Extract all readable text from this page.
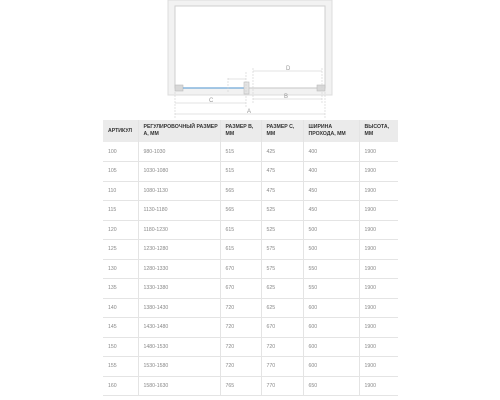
D
C
B
A
АРТИКУЛ	РЕГУЛИРОВОЧНЫЙ РАЗМЕР А, ММ	РАЗМЕР В, ММ	РАЗМЕР С, ММ	ШИРИНА ПРОХОДА, ММ	ВЫСОТА, ММ
100	980-1030	515	425	400	1900
105	1030-1080	515	475	400	1900
110	1080-1130	565	475	450	1900
115	1130-1180	565	525	450	1900
120	1180-1230	615	525	500	1900
125	1230-1280	615	575	500	1900
130	1280-1330	670	575	550	1900
135	1330-1380	670	625	550	1900
140	1380-1430	720	625	600	1900
145	1430-1480	720	670	600	1900
150	1480-1530	720	720	600	1900
155	1530-1580	720	770	600	1900
160	1580-1630	765	770	650	1900
